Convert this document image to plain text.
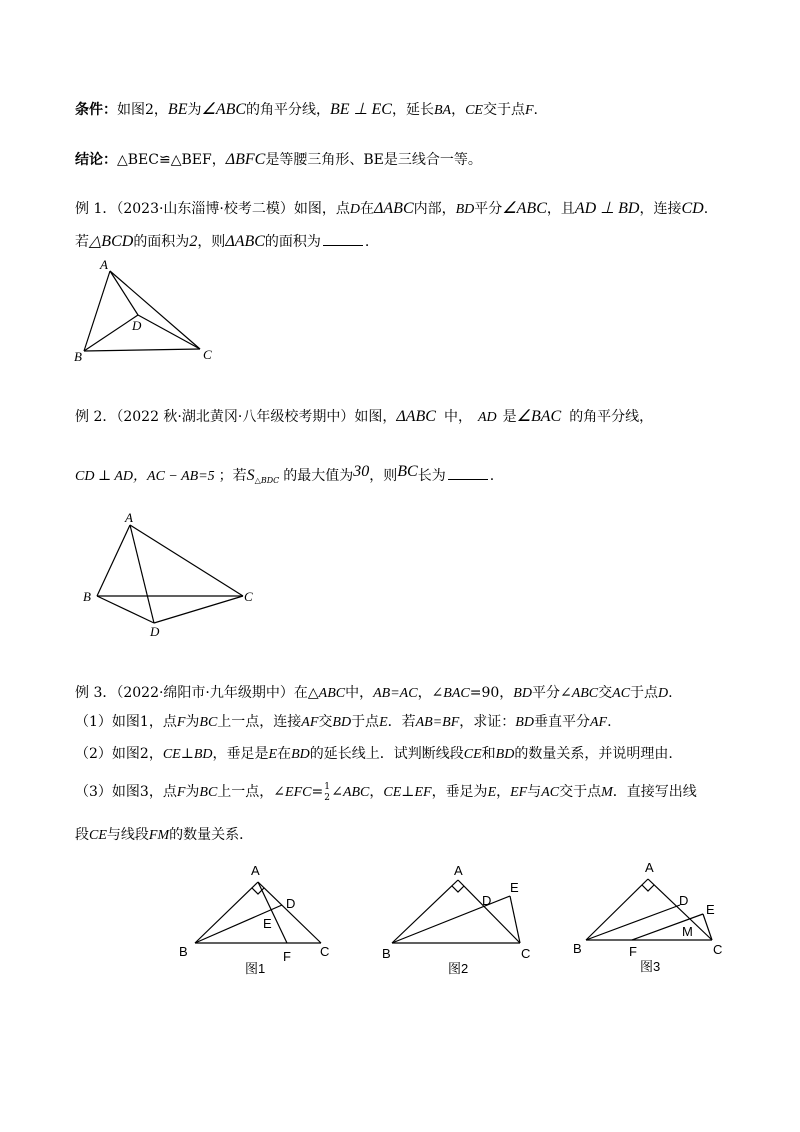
条件：如图2，BE为∠ABC的角平分线，BE ⊥ EC，延长BA，CE交于点F.
结论：△BEC≌△BEF，ΔBFC是等腰三角形、BE是三线合一等。
例 1．（2023·山东淄博·校考二模）如图，点D在ΔABC内部，BD平分∠ABC，且AD ⊥ BD，连接CD.
若△BCD的面积为2，则ΔABC的面积为	.
A
B	C
D
例 2．（2022 秋·湖北黄冈·八年级校考期中）如图，ΔABC 中， AD 是∠BAC 的角平分线，
CD ⊥ AD，AC − AB=5 ；若$S_{\triangle BDC}$ 的最大值为30，则BC长为	.
A
B	C
D
例 3．（2022·绵阳市·九年级期中）在△ABC中，AB=AC，∠BAC=90，BD平分∠ABC交AC于点D.
（1）如图1，点F为BC上一点，连接AF交BD于点E．若AB=BF，求证：BD垂直平分AF.
（2）如图2，CE⊥BD，垂足是E在BD的延长线上．试判断线段CE和BD的数量关系，并说明理由.
（3）如图3，点F为BC上一点，∠EFC= 1
2 ∠ABC，CE⊥EF，垂足为E，EF与AC交于点M．直接写出线
段CE与线段FM的数量关系．
A
B	C
D
E
F
图1
A
B	C
D
E
图2
A
B	C
D
E
F
M
图3
